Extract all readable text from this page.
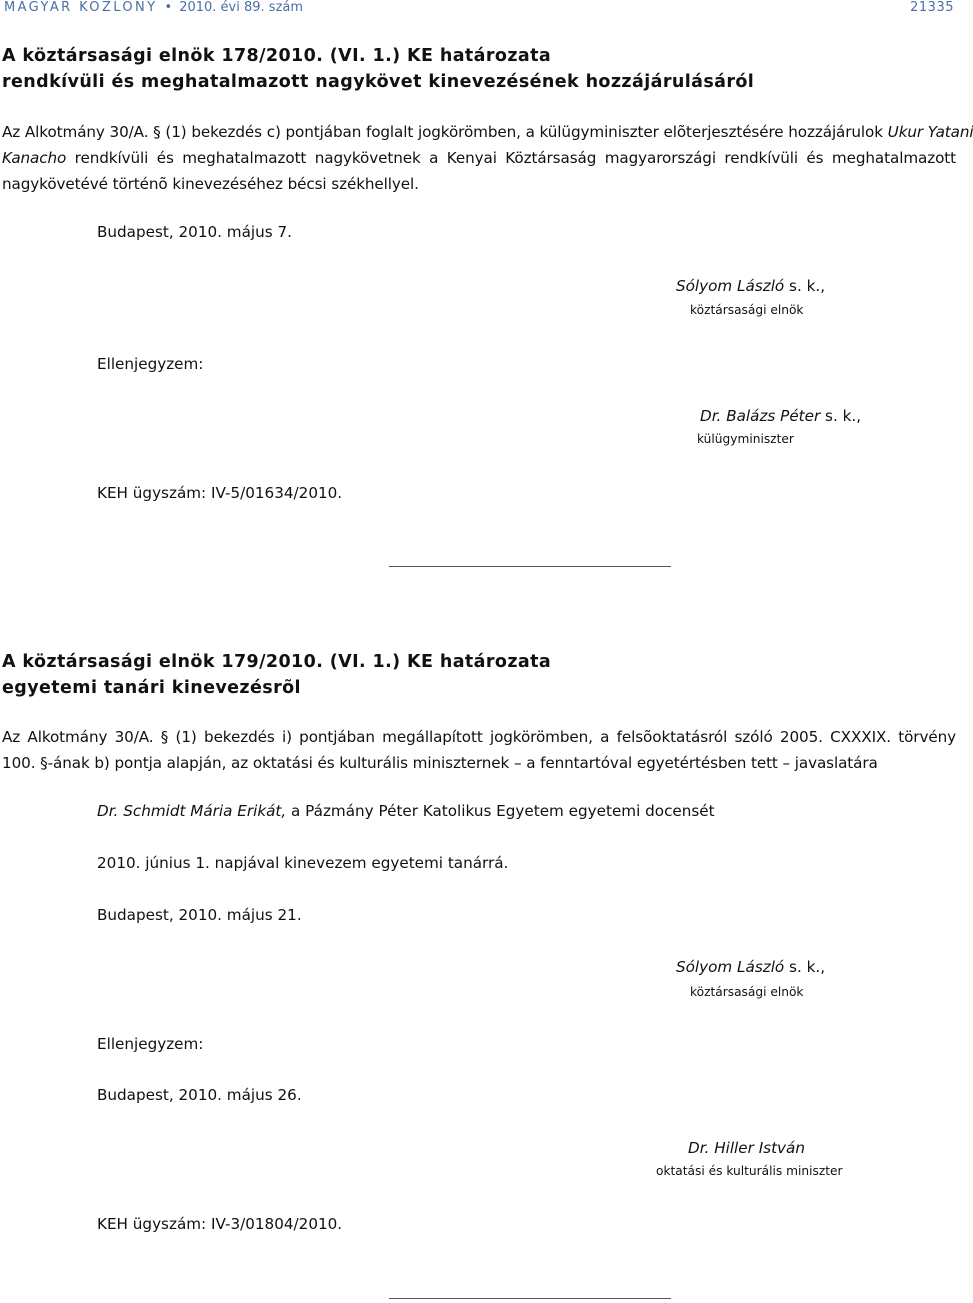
MAGYAR KÖZLÖNY • 2010. évi 89. szám	21335
A köztársasági elnök 178/2010. (VI. 1.) KE határozata
rendkívüli és meghatalmazott nagykövet kinevezésének hozzájárulásáról
Az Alkotmány 30/A. § (1) bekezdés c) pontjában foglalt jogkörömben, a külügyminiszter elõterjesztésére hozzájárulok Ukur Yatani
Kanacho rendkívüli és meghatalmazott nagykövetnek a Kenyai Köztársaság magyarországi rendkívüli és meghatalmazott
nagykövetévé történõ kinevezéséhez bécsi székhellyel.
Budapest, 2010. május 7.
Sólyom László s. k.,
köztársasági elnök
Ellenjegyzem:
Dr. Balázs Péter s. k.,
külügyminiszter
KEH ügyszám: IV-5/01634/2010.
A köztársasági elnök 179/2010. (VI. 1.) KE határozata
egyetemi tanári kinevezésrõl
Az Alkotmány 30/A. § (1) bekezdés i) pontjában megállapított jogkörömben, a felsõoktatásról szóló 2005. CXXXIX. törvény
100. §-ának b) pontja alapján, az oktatási és kulturális miniszternek – a fenntartóval egyetértésben tett – javaslatára
Dr. Schmidt Mária Erikát, a Pázmány Péter Katolikus Egyetem egyetemi docensét
2010. június 1. napjával kinevezem egyetemi tanárrá.
Budapest, 2010. május 21.
Sólyom László s. k.,
köztársasági elnök
Ellenjegyzem:
Budapest, 2010. május 26.
Dr. Hiller István
oktatási és kulturális miniszter
KEH ügyszám: IV-3/01804/2010.
